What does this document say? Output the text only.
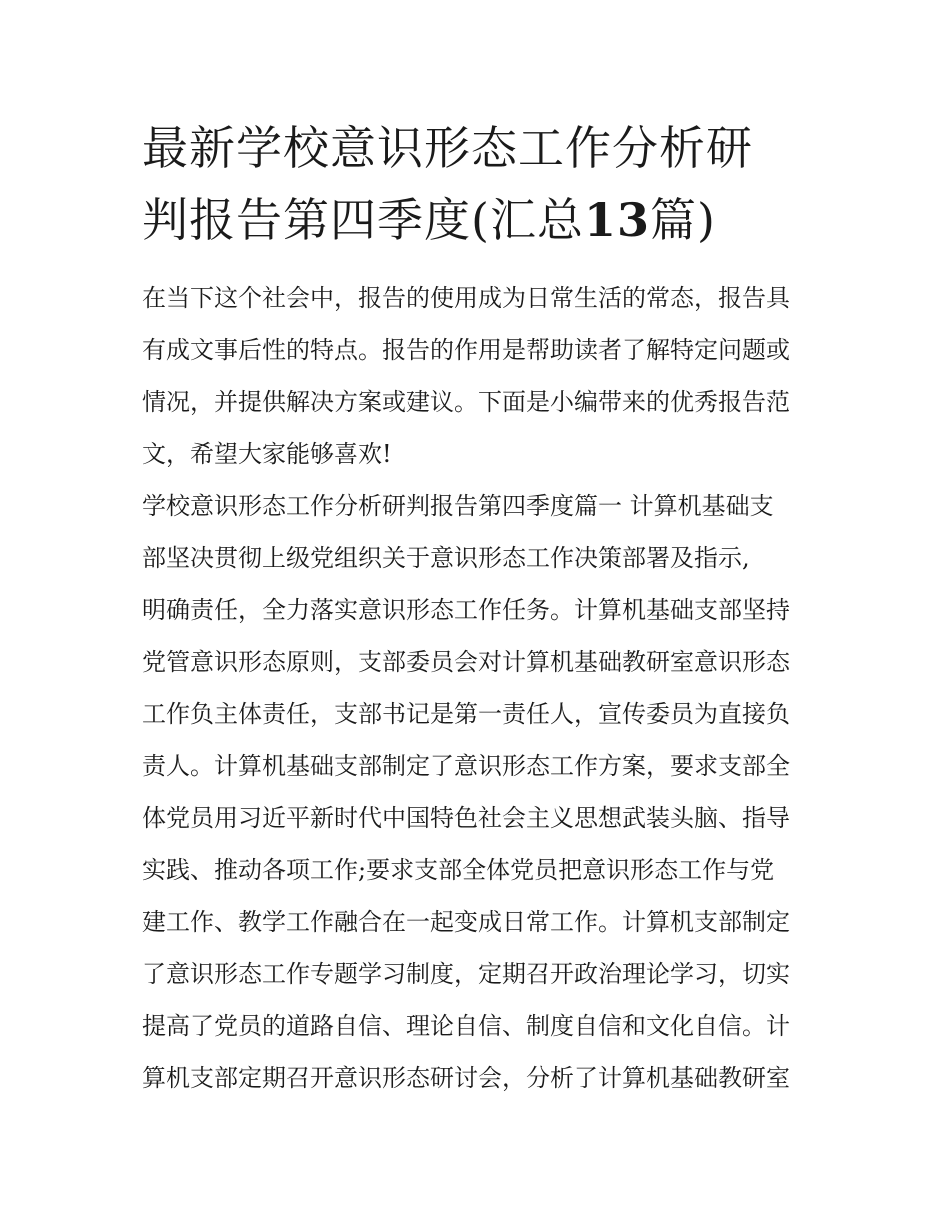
最新学校意识形态工作分析研
判报告第四季度(汇总13篇)
在当下这个社会中，报告的使用成为日常生活的常态，报告具
有成文事后性的特点。报告的作用是帮助读者了解特定问题或
情况，并提供解决方案或建议。下面是小编带来的优秀报告范
文，希望大家能够喜欢!
学校意识形态工作分析研判报告第四季度篇一 计算机基础支
部坚决贯彻上级党组织关于意识形态工作决策部署及指示,
明确责任，全力落实意识形态工作任务。计算机基础支部坚持
党管意识形态原则，支部委员会对计算机基础教研室意识形态
工作负主体责任，支部书记是第一责任人，宣传委员为直接负
责人。计算机基础支部制定了意识形态工作方案，要求支部全
体党员用习近平新时代中国特色社会主义思想武装头脑、指导
实践、推动各项工作;要求支部全体党员把意识形态工作与党
建工作、教学工作融合在一起变成日常工作。计算机支部制定
了意识形态工作专题学习制度，定期召开政治理论学习，切实
提高了党员的道路自信、理论自信、制度自信和文化自信。计
算机支部定期召开意识形态研讨会，分析了计算机基础教研室
